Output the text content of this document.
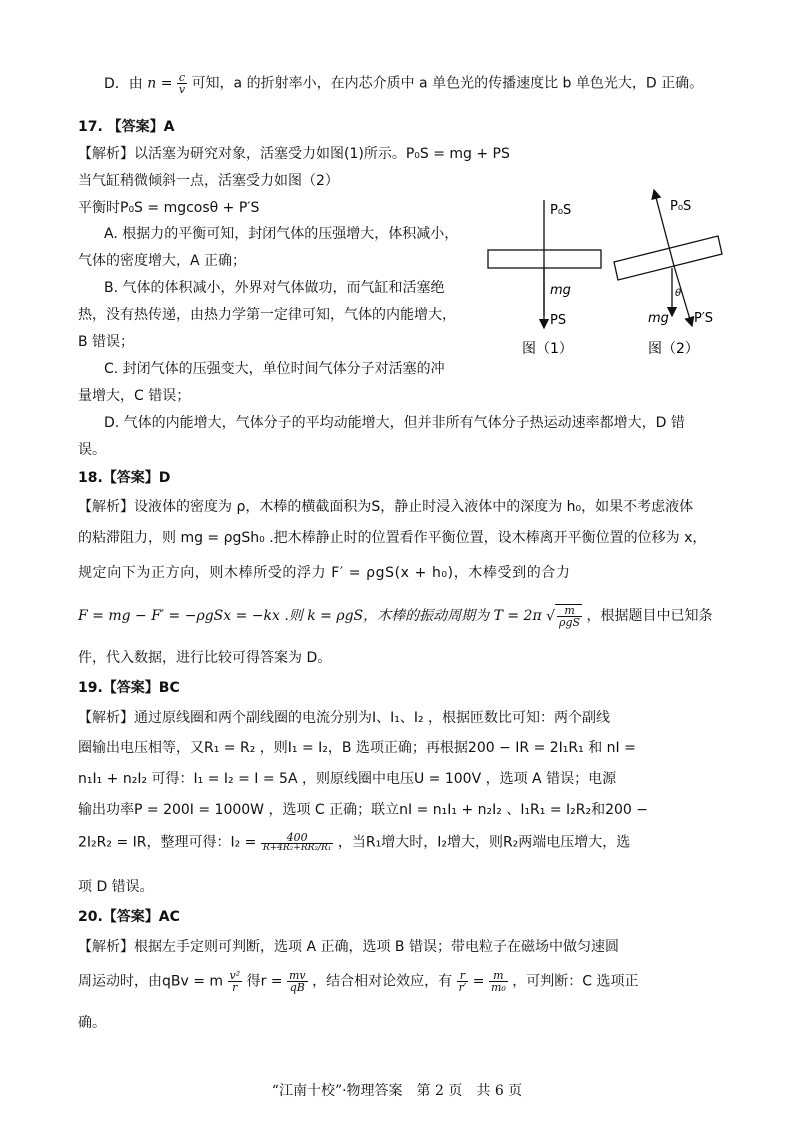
D．由 $n = \frac{c}{v}$ 可知，a 的折射率小，在内芯介质中 a 单色光的传播速度比 b 单色光大，D 正确。
17. 【答案】A
【解析】以活塞为研究对象，活塞受力如图(1)所示。P₀S = mg + PS
当气缸稍微倾斜一点，活塞受力如图（2）
平衡时P₀S = mgcosθ + P′S
A. 根据力的平衡可知，封闭气体的压强增大，体积减小，
气体的密度增大，A 正确；
B. 气体的体积减小，外界对气体做功，而气缸和活塞绝
热，没有热传递，由热力学第一定律可知，气体的内能增大，
B 错误；
C. 封闭气体的压强变大，单位时间气体分子对活塞的冲
量增大，C 错误；
D. 气体的内能增大，气体分子的平均动能增大，但并非所有气体分子热运动速率都增大，D 错
误。
P₀S
mg
PS
图（1）
P₀S
θ
mg P′S
图（2）
18.【答案】D
【解析】设液体的密度为 ρ，木棒的横截面积为S，静止时浸入液体中的深度为 h₀，如果不考虑液体
的粘滞阻力，则 mg = ρgSh₀ .把木棒静止时的位置看作平衡位置，设木棒离开平衡位置的位移为 x，
规定向下为正方向，则木棒所受的浮力 F′ = ρgS(x + h₀)，木棒受到的合力
F = mg − F′ = −ρgSx = −kx .则 k = ρgS，木棒的振动周期为 T = 2π √ $\frac{m}{\text{ρgS}}$ ，根据题目中已知条
件，代入数据，进行比较可得答案为 D。
19.【答案】BC
【解析】通过原线圈和两个副线圈的电流分别为I、I₁、I₂ ，根据匝数比可知：两个副线
圈输出电压相等，又R₁ = R₂ ，则I₁ = I₂，B 选项正确；再根据200 − IR = 2I₁R₁ 和 nI =
n₁I₁ + n₂I₂ 可得：I₁ = I₂ = I = 5A ，则原线圈中电压U = 100V ，选项 A 错误；电源
输出功率P = 200I = 1000W ，选项 C 正确；联立nI = n₁I₁ + n₂I₂ 、I₁R₁ = I₂R₂和200 −
2I₂R₂ = IR，整理可得：$I_2 = \frac{400}{\text{R+4R₂+RR₂/R₁}}$ ，当R₁增大时，I₂增大，则R₂两端电压增大，选
项 D 错误。
20.【答案】AC
【解析】根据左手定则可判断，选项 A 正确，选项 B 错误；带电粒子在磁场中做匀速圆
周运动时，由qBv = m $\frac{\text{v²}}{r}$ 得$r = \frac{mv}{qB}$ ，结合相对论效应，有 $\frac{r}{r'} = \frac{m}{\text{m₀}}$ ，可判断：C 选项正
确。
“江南十校”·物理答案　第 2 页　共 6 页
